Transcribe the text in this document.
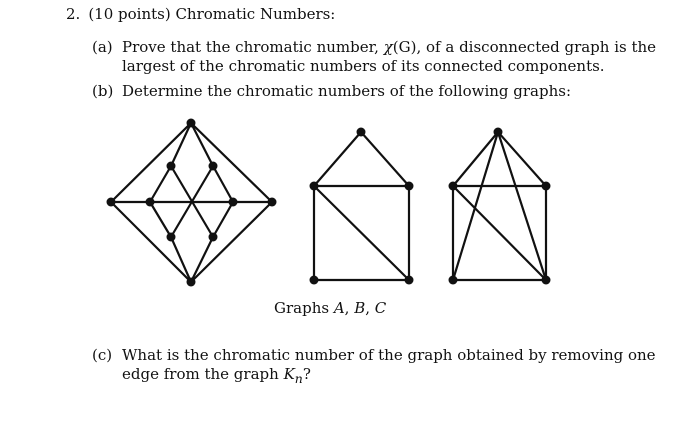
2. (10 points) Chromatic Numbers:
(a) Prove that the chromatic number, χ(G), of a disconnected graph is the
largest of the chromatic numbers of its connected components.
(b) Determine the chromatic numbers of the following graphs:
Graphs A, B, C
(c) What is the chromatic number of the graph obtained by removing one
edge from the graph $K_n$?
